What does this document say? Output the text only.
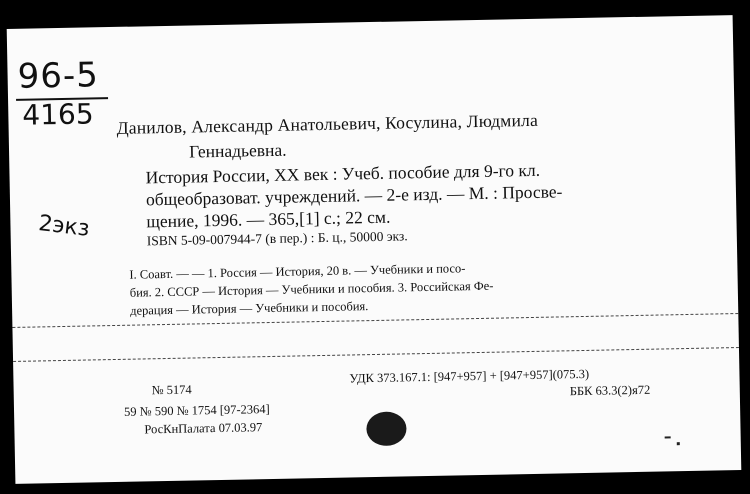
96-5
4165
2экз
Данилов, Александр Анатольевич, Косулина, Людмила
Геннадьевна.
История России, XX век : Учеб. пособие для 9-го кл.
общеобразоват. учреждений. — 2-е изд. — М. : Просве-
щение, 1996. — 365,[1] с.; 22 см.
ISBN 5-09-007944-7 (в пер.) : Б. ц., 50000 экз.
I. Соавт. — — 1. Россия — История, 20 в. — Учебники и посо-
бия. 2. СССР — История — Учебники и пособия. 3. Российская Фе-
дерация — История — Учебники и пособия.
№ 5174
УДК 373.167.1: [947+957] + [947+957](075.3)
ББК 63.3(2)я72
59 № 590 № 1754 [97-2364]
РосКнПалата 07.03.97
